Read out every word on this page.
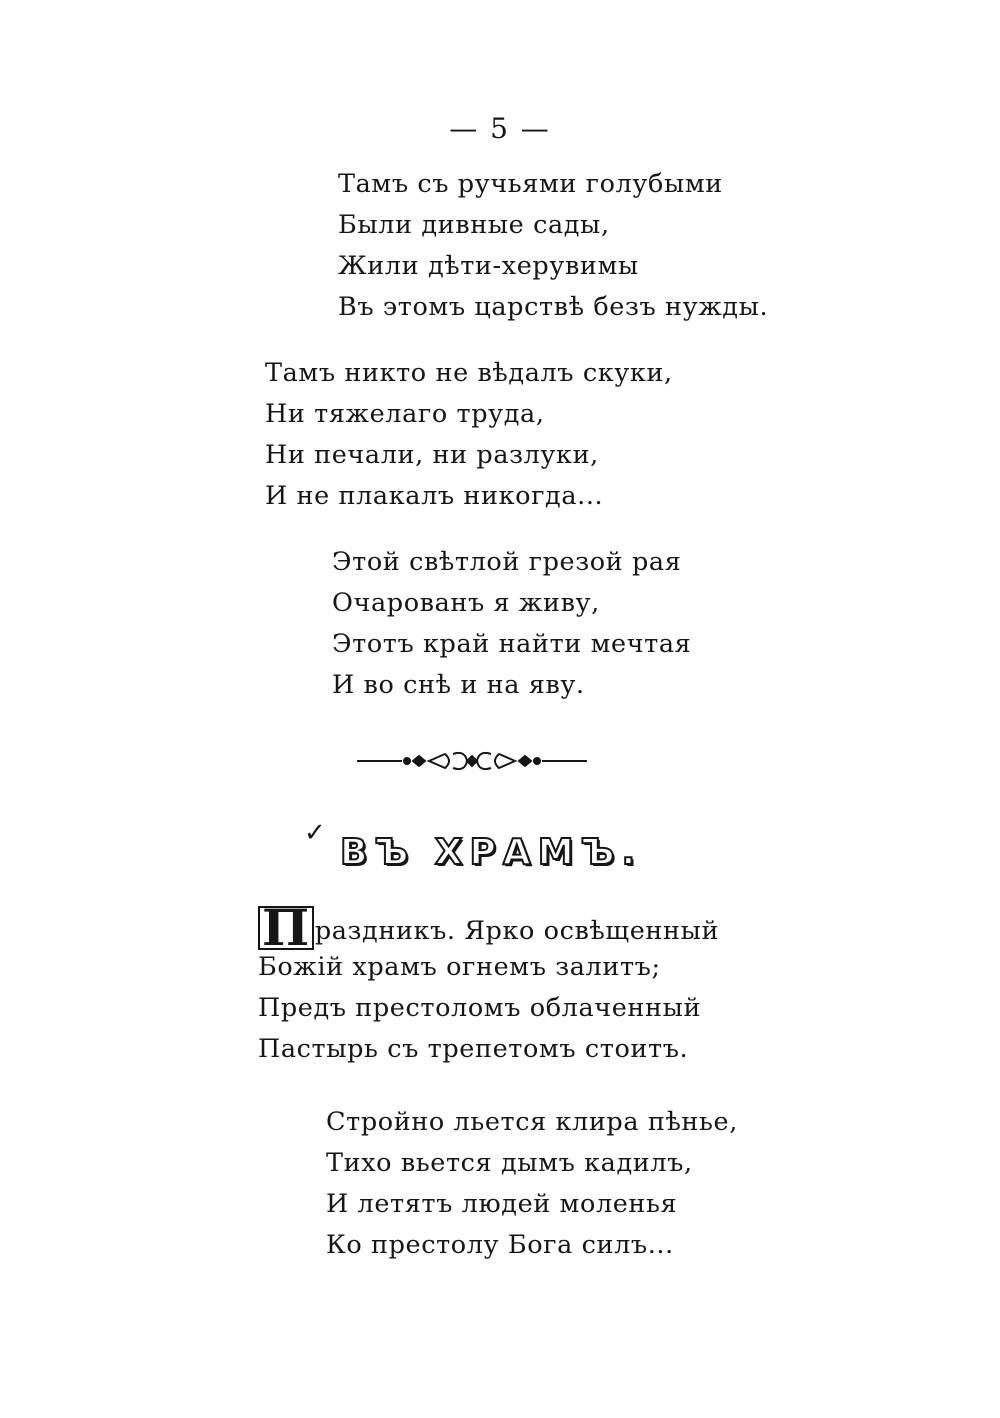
— 5 —
Тамъ съ ручьями голубыми
Были дивные сады,
Жили дѣти-херувимы
Въ этомъ царствѣ безъ нужды.
Тамъ никто не вѣдалъ скуки,
Ни тяжелаго труда,
Ни печали, ни разлуки,
И не плакалъ никогда...
Этой свѣтлой грезой рая
Очарованъ я живу,
Этотъ край найти мечтая
И во снѣ и на яву.
✓ ВЪ ХРАМЪ.
П раздникъ. Ярко освѣщенный
Божій храмъ огнемъ залитъ;
Предъ престоломъ облаченный
Пастырь съ трепетомъ стоитъ.
Стройно льется клира пѣнье,
Тихо вьется дымъ кадилъ,
И летятъ людей моленья
Ко престолу Бога силъ...
